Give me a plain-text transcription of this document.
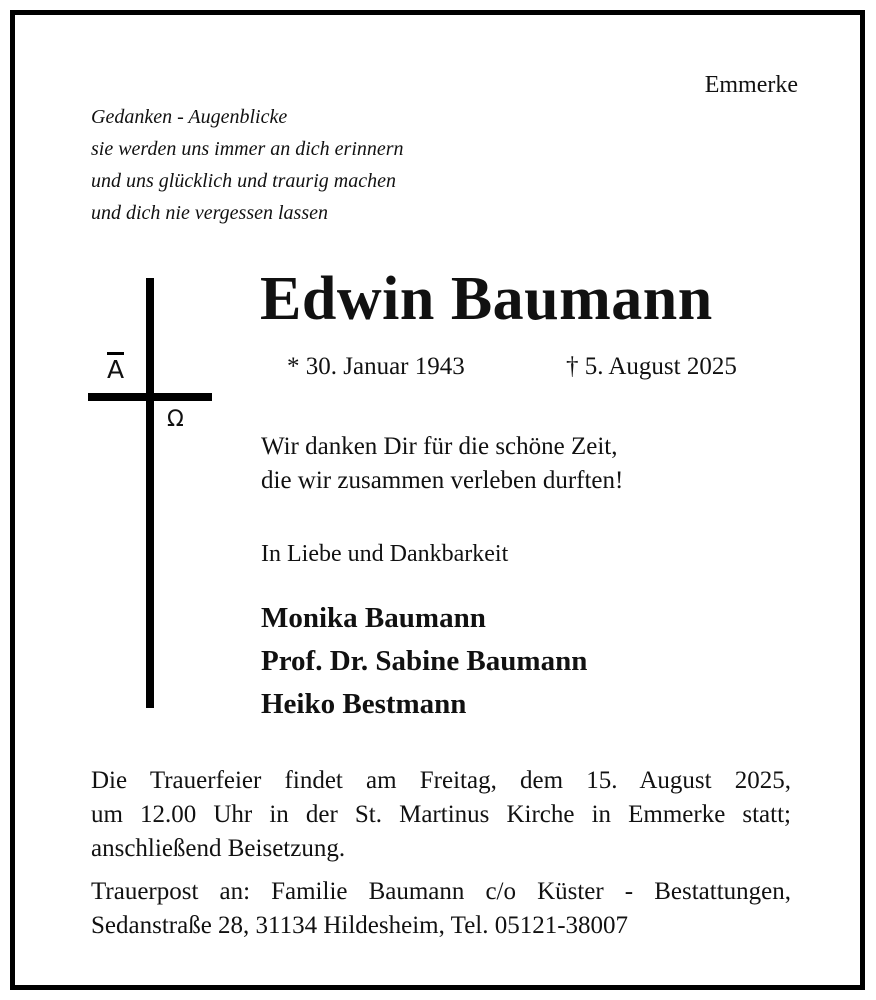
Emmerke
Gedanken - Augenblicke
sie werden uns immer an dich erinnern
und uns glücklich und traurig machen
und dich nie vergessen lassen
A
Ω
Edwin Baumann
* 30. Januar 1943	† 5. August 2025
Wir danken Dir für die schöne Zeit,
die wir zusammen verleben durften!
In Liebe und Dankbarkeit
Monika Baumann
Prof. Dr. Sabine Baumann
Heiko Bestmann
Die Trauerfeier findet am Freitag, dem 15. August 2025,
um 12.00 Uhr in der St. Martinus Kirche in Emmerke statt;
anschließend Beisetzung.
Trauerpost an: Familie Baumann c/o Küster - Bestattungen,
Sedanstraße 28, 31134 Hildesheim, Tel. 05121-38007
